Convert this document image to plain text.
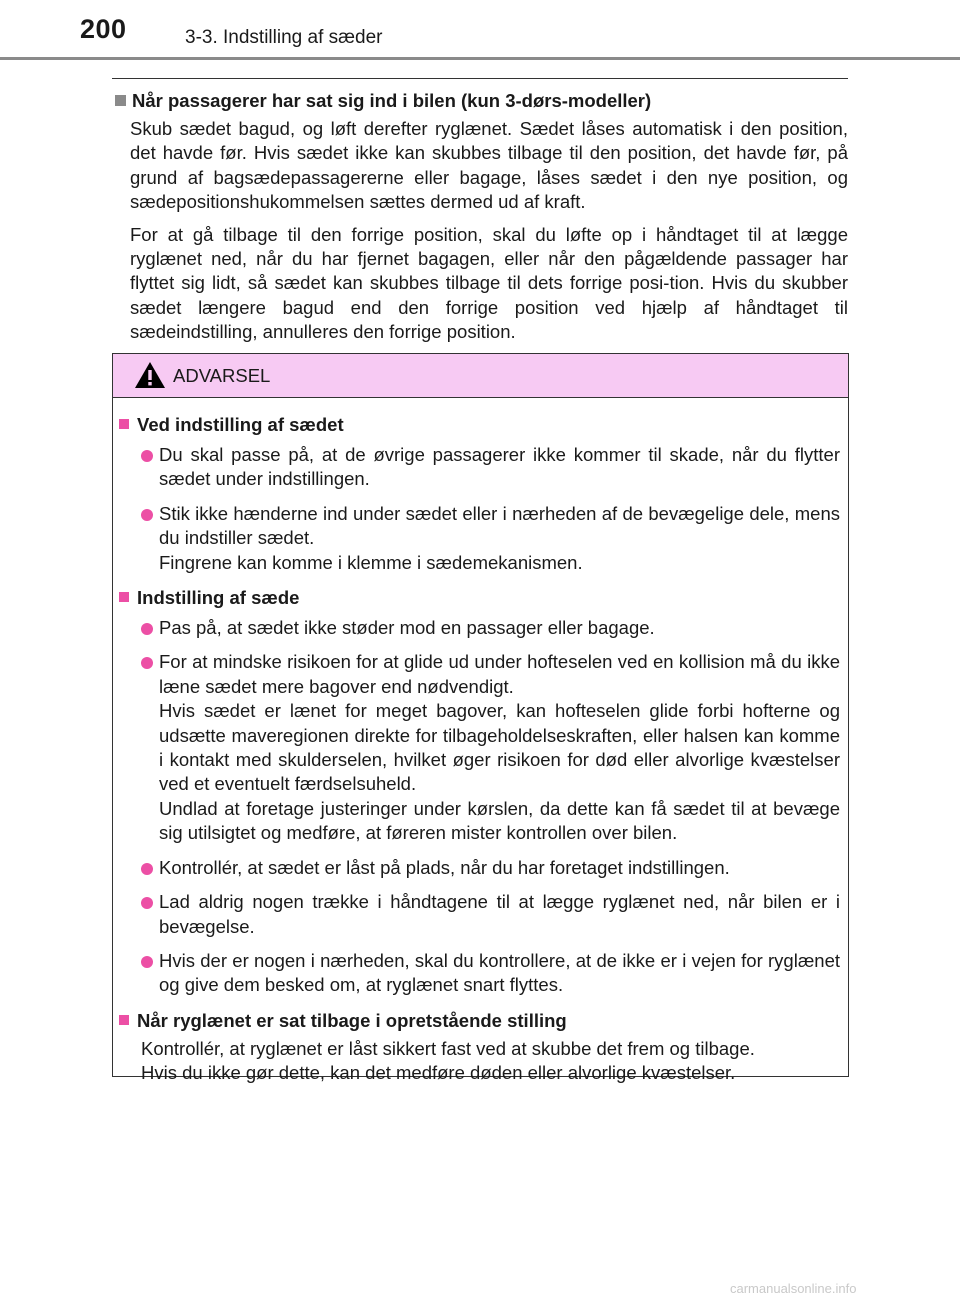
200	3-3. Indstilling af sæder
Når passagerer har sat sig ind i bilen (kun 3-dørs-modeller)

Skub sædet bagud, og løft derefter ryglænet. Sædet låses automatisk i den position, det havde før. Hvis sædet ikke kan skubbes tilbage til den position, det havde før, på grund af bagsædepassagererne eller bagage, låses sædet i den nye position, og sædepositionshukommelsen sættes dermed ud af kraft.

For at gå tilbage til den forrige position, skal du løfte op i håndtaget til at lægge ryglænet ned, når du har fjernet bagagen, eller når den pågældende passager har flyttet sig lidt, så sædet kan skubbes tilbage til dets forrige posi-tion. Hvis du skubber sædet længere bagud end den forrige position ved hjælp af håndtaget til sædeindstilling, annulleres den forrige position.

ADVARSEL
Ved indstilling af sædet
Du skal passe på, at de øvrige passagerer ikke kommer til skade, når du flytter sædet under indstillingen.
Stik ikke hænderne ind under sædet eller i nærheden af de bevægelige dele, mens du indstiller sædet.
Fingrene kan komme i klemme i sædemekanismen.
Indstilling af sæde
Pas på, at sædet ikke støder mod en passager eller bagage.
For at mindske risikoen for at glide ud under hofteselen ved en kollision må du ikke læne sædet mere bagover end nødvendigt.
Hvis sædet er lænet for meget bagover, kan hofteselen glide forbi hofterne og udsætte maveregionen direkte for tilbageholdelseskraften, eller halsen kan komme i kontakt med skulderselen, hvilket øger risikoen for død eller alvorlige kvæstelser ved et eventuelt færdselsuheld.
Undlad at foretage justeringer under kørslen, da dette kan få sædet til at bevæge sig utilsigtet og medføre, at føreren mister kontrollen over bilen.
Kontrollér, at sædet er låst på plads, når du har foretaget indstillingen.
Lad aldrig nogen trække i håndtagene til at lægge ryglænet ned, når bilen er i bevægelse.
Hvis der er nogen i nærheden, skal du kontrollere, at de ikke er i vejen for ryglænet og give dem besked om, at ryglænet snart flyttes.
Når ryglænet er sat tilbage i opretstående stilling
Kontrollér, at ryglænet er låst sikkert fast ved at skubbe det frem og tilbage.
Hvis du ikke gør dette, kan det medføre døden eller alvorlige kvæstelser.
carmanualsonline.info
